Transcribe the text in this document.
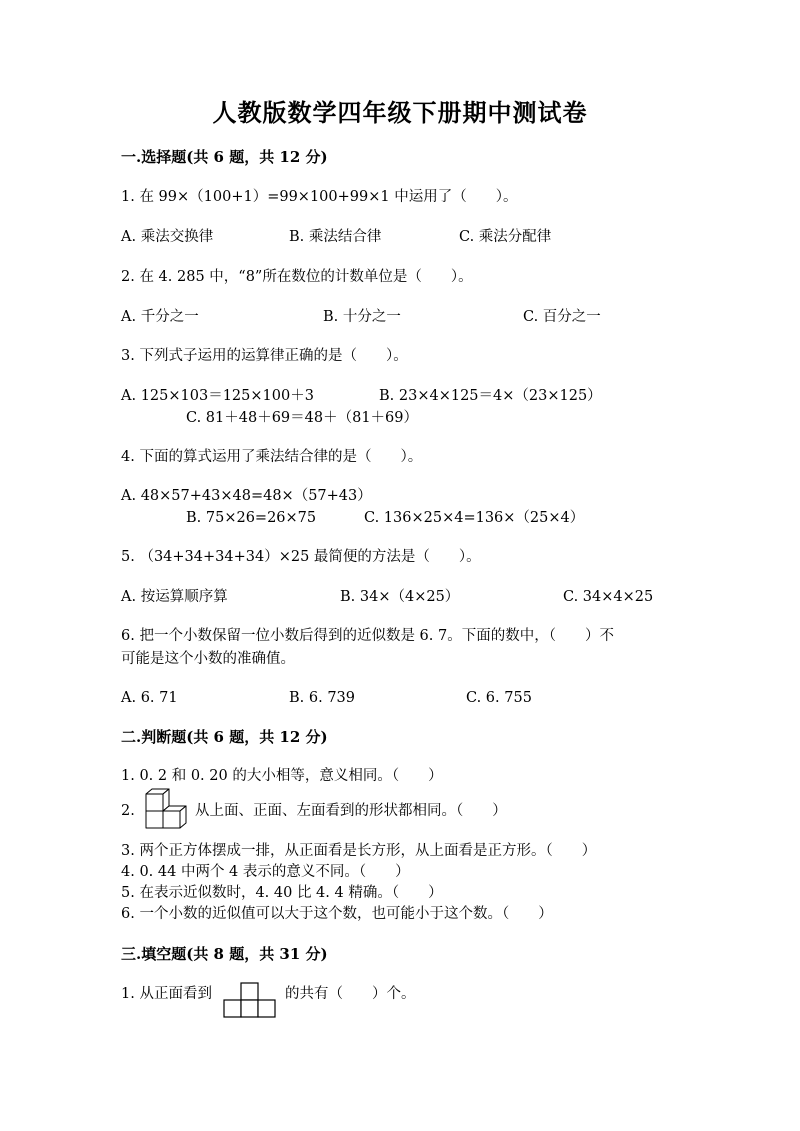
人教版数学四年级下册期中测试卷
一.选择题(共 6 题，共 12 分)
1. 在 99×（100+1）=99×100+99×1 中运用了（　　）。
A. 乘法交换律	B. 乘法结合律	C. 乘法分配律
2. 在 4. 285 中，“8”所在数位的计数单位是（　　）。
A. 千分之一	B. 十分之一	C. 百分之一
3. 下列式子运用的运算律正确的是（　　）。
A. 125×103＝125×100＋3	B. 23×4×125＝4×（23×125）
C. 81＋48＋69＝48＋（81＋69）
4. 下面的算式运用了乘法结合律的是（　　）。
A. 48×57+43×48=48×（57+43）
B. 75×26=26×75	C. 136×25×4=136×（25×4）
5. （34+34+34+34）×25 最简便的方法是（　　）。
A. 按运算顺序算	B. 34×（4×25）	C. 34×4×25
6. 把一个小数保留一位小数后得到的近似数是 6. 7。下面的数中，（　　）不
可能是这个小数的准确值。
A. 6. 71	B. 6. 739	C. 6. 755
二.判断题(共 6 题，共 12 分)
1. 0. 2 和 0. 20 的大小相等，意义相同。（　　）
2.	从上面、正面、左面看到的形状都相同。（　　）
3. 两个正方体摆成一排，从正面看是长方形，从上面看是正方形。（　　）
4. 0. 44 中两个 4 表示的意义不同。（　　）
5. 在表示近似数时，4. 40 比 4. 4 精确。（　　）
6. 一个小数的近似值可以大于这个数，也可能小于这个数。（　　）
三.填空题(共 8 题，共 31 分)
1. 从正面看到	的共有（　　）个。
